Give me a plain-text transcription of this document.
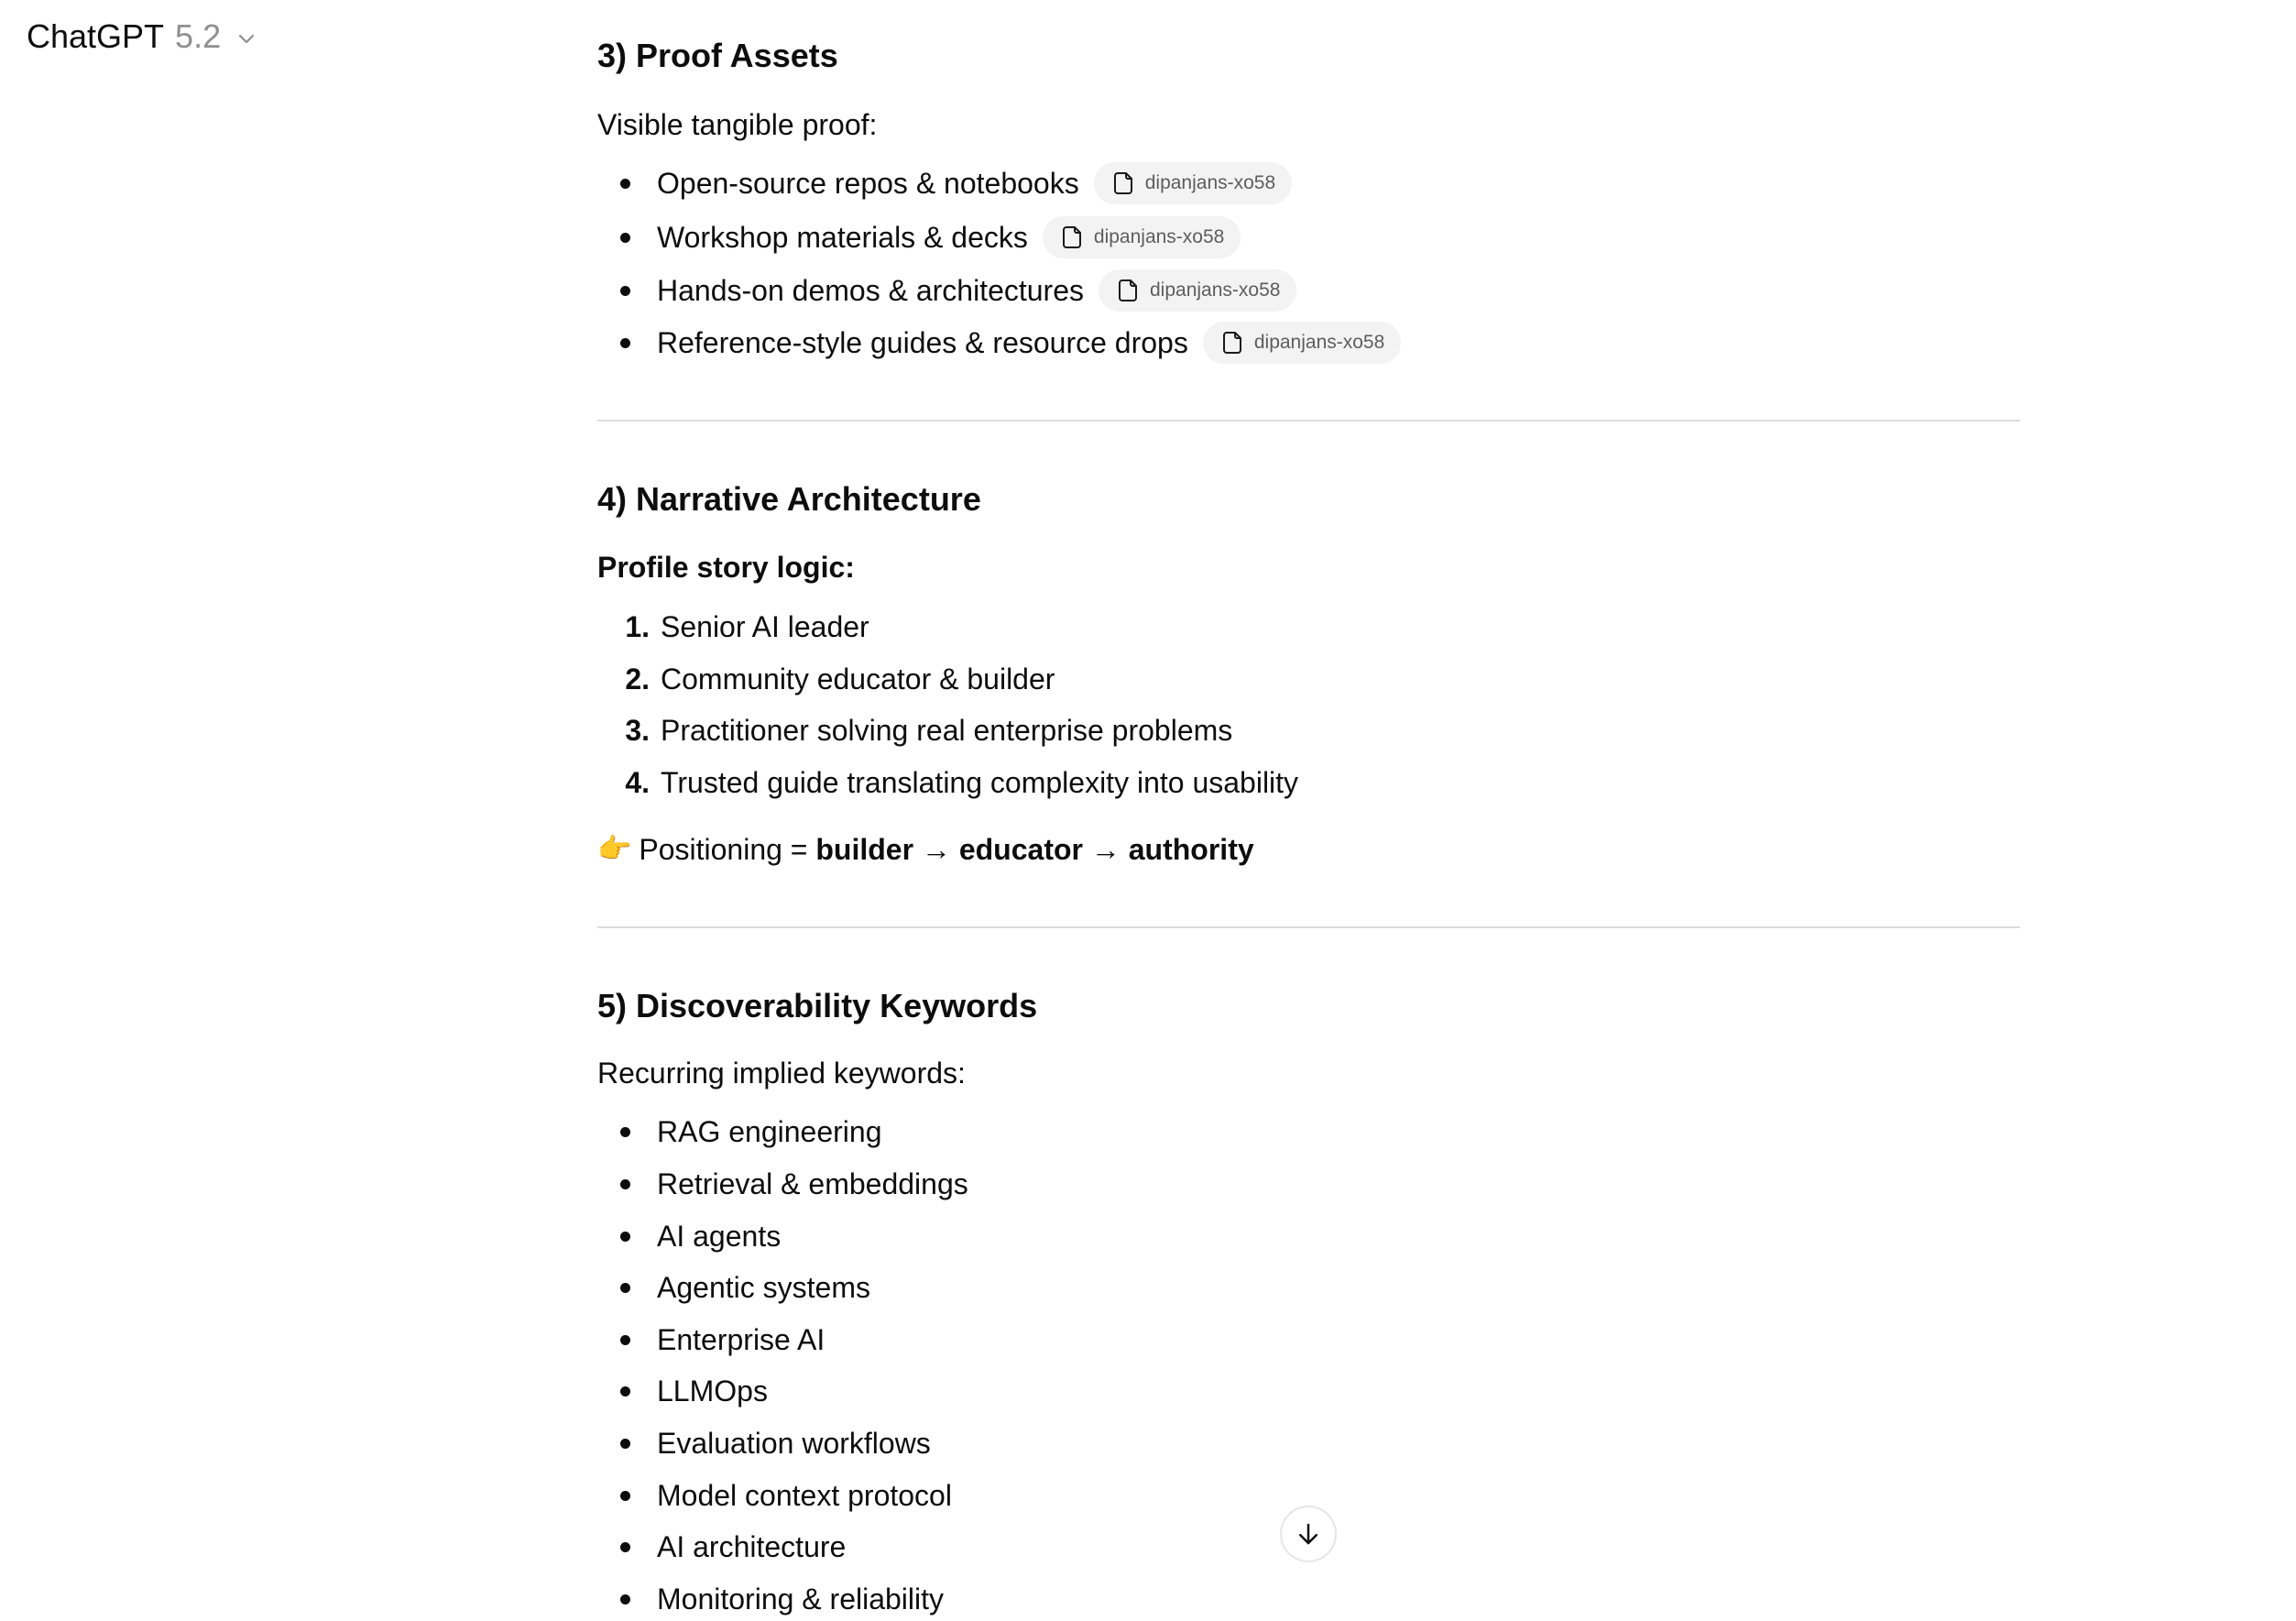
ChatGPT 5.2
3) Proof Assets
Visible tangible proof:
Open-source repos & notebooks	dipanjans-xo58
Workshop materials & decks	dipanjans-xo58
Hands-on demos & architectures	dipanjans-xo58
Reference-style guides & resource drops	dipanjans-xo58
4) Narrative Architecture
Profile story logic:
1. Senior AI leader
2. Community educator & builder
3. Practitioner solving real enterprise problems
4. Trusted guide translating complexity into usability
👉 Positioning = builder → educator → authority
5) Discoverability Keywords
Recurring implied keywords:
RAG engineering
Retrieval & embeddings
AI agents
Agentic systems
Enterprise AI
LLMOps
Evaluation workflows
Model context protocol
AI architecture
Monitoring & reliability
